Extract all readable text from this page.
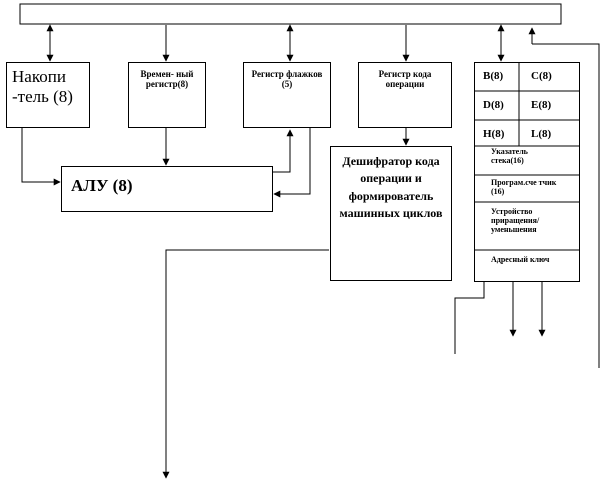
Накопи -тель (8)

Времен- ный регистр(8)

Регистр флажков (5)

Регистр кода операции

АЛУ (8)

Дешифратор кода операции и формирователь машинных циклов

В(8)	С(8)

D(8) E(8)

H(8) L(8)

Указатель стека(16)

Програм.сче тчик (16)

Устройство приращения/ уменьшения

Адресный ключ
